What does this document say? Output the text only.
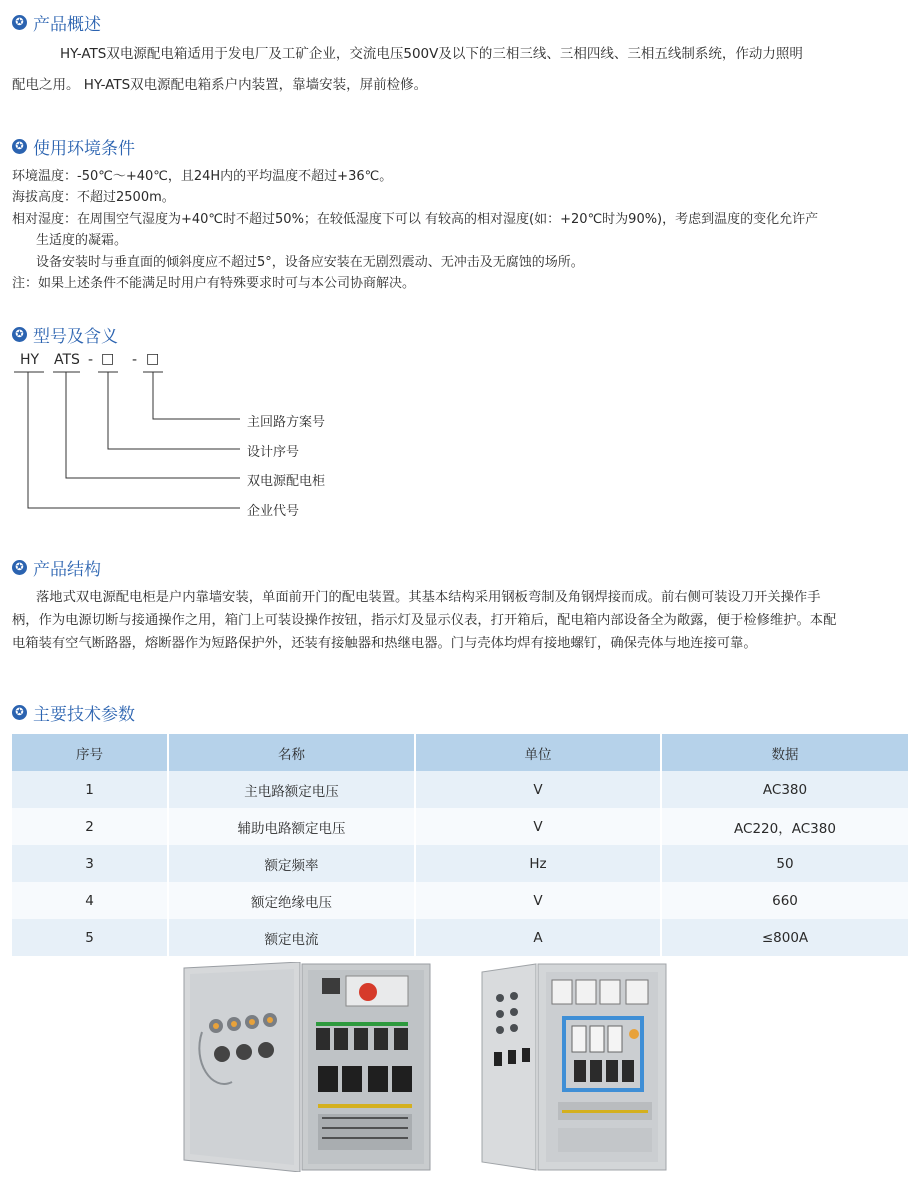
✪ 产品概述
HY-ATS双电源配电箱适用于发电厂及工矿企业，交流电压500V及以下的三相三线、三相四线、三相五线制系统，作动力照明
配电之用。 HY-ATS双电源配电箱系户内装置，靠墙安装，屏前检修。
✪ 使用环境条件
环境温度：-50℃～+40℃，且24H内的平均温度不超过+36℃。
海拔高度：不超过2500m。
相对湿度：在周围空气湿度为+40℃时不超过50%；在较低湿度下可以 有较高的相对湿度(如：+20℃时为90%)，考虑到温度的变化允许产
生适度的凝霜。
设备安装时与垂直面的倾斜度应不超过5°，设备应安装在无剧烈震动、无冲击及无腐蚀的场所。
注：如果上述条件不能满足时用户有特殊要求时可与本公司协商解决。
✪ 型号及含义
HY ATS - □ - □
主回路方案号
设计序号
双电源配电柜
企业代号
✪ 产品结构
落地式双电源配电柜是户内靠墙安装，单面前开门的配电装置。其基本结构采用钢板弯制及角钢焊接而成。前右侧可装设刀开关操作手
柄，作为电源切断与接通操作之用，箱门上可装设操作按钮，指示灯及显示仪表，打开箱后，配电箱内部设备全为敞露，便于检修维护。本配
电箱装有空气断路器，熔断器作为短路保护外，还装有接触器和热继电器。门与壳体均焊有接地螺钉，确保壳体与地连接可靠。
✪ 主要技术参数
序号	名称	单位	数据
1	主电路额定电压	V	AC380
2	辅助电路额定电压	V	AC220，AC380
3	额定频率	Hz	50
4	额定绝缘电压	V	660
5	额定电流	A	≤800A
